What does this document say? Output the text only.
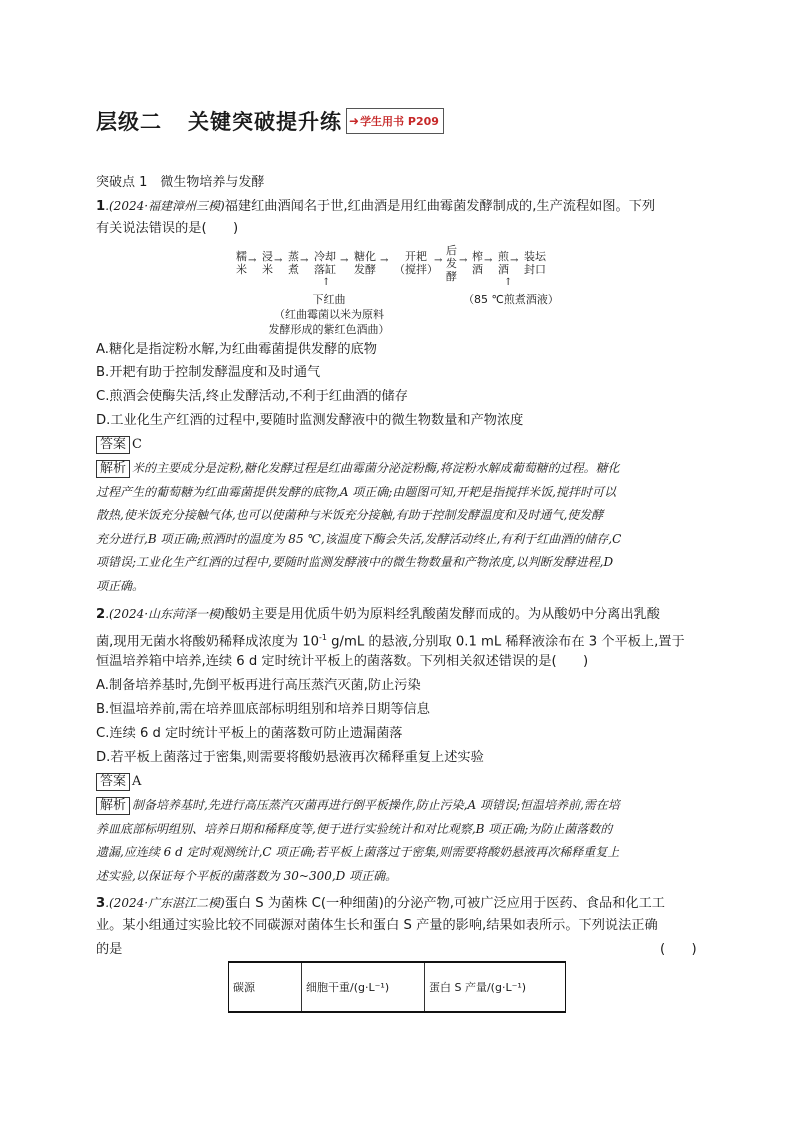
层级二 关键突破提升练 ➜ 学生用书 P209
突破点 1　微生物培养与发酵
1.(2024·福建漳州三模)福建红曲酒闻名于世,红曲酒是用红曲霉菌发酵制成的,生产流程如图。下列
有关说法错误的是(　　)
糯
米
→ 浸
米
→ 蒸
煮
→ 冷却
落缸
→ 糖化
发酵
→	开耙
（搅拌）
→
后
发
酵
→ 榨
酒
→ 煎
酒
→ 装坛
封口
↑
下红曲
（红曲霉菌以米为原料
发酵形成的紫红色酒曲）
↑
（85 ℃煎煮酒液）
A.糖化是指淀粉水解,为红曲霉菌提供发酵的底物
B.开耙有助于控制发酵温度和及时通气
C.煎酒会使酶失活,终止发酵活动,不利于红曲酒的储存
D.工业化生产红酒的过程中,要随时监测发酵液中的微生物数量和产物浓度
答案 C
解析 米的主要成分是淀粉,糖化发酵过程是红曲霉菌分泌淀粉酶,将淀粉水解成葡萄糖的过程。糖化
过程产生的葡萄糖为红曲霉菌提供发酵的底物,A 项正确;由题图可知,开耙是指搅拌米饭,搅拌时可以
散热,使米饭充分接触气体,也可以使菌种与米饭充分接触,有助于控制发酵温度和及时通气,使发酵
充分进行,B 项正确;煎酒时的温度为 85 ℃,该温度下酶会失活,发酵活动终止,有利于红曲酒的储存,C
项错误;工业化生产红酒的过程中,要随时监测发酵液中的微生物数量和产物浓度,以判断发酵进程,D
项正确。
2.(2024·山东菏泽一模)酸奶主要是用优质牛奶为原料经乳酸菌发酵而成的。为从酸奶中分离出乳酸
菌,现用无菌水将酸奶稀释成浓度为 $10^{-1}$ g/mL 的悬液,分别取 0.1 mL 稀释液涂布在 3 个平板上,置于
恒温培养箱中培养,连续 6 d 定时统计平板上的菌落数。下列相关叙述错误的是(　　)
A.制备培养基时,先倒平板再进行高压蒸汽灭菌,防止污染
B.恒温培养前,需在培养皿底部标明组别和培养日期等信息
C.连续 6 d 定时统计平板上的菌落数可防止遗漏菌落
D.若平板上菌落过于密集,则需要将酸奶悬液再次稀释重复上述实验
答案 A
解析 制备培养基时,先进行高压蒸汽灭菌再进行倒平板操作,防止污染,A 项错误;恒温培养前,需在培
养皿底部标明组别、培养日期和稀释度等,便于进行实验统计和对比观察,B 项正确;为防止菌落数的
遗漏,应连续 6 d 定时观测统计,C 项正确;若平板上菌落过于密集,则需要将酸奶悬液再次稀释重复上
述实验,以保证每个平板的菌落数为 30~300,D 项正确。
3.(2024·广东湛江二模)蛋白 S 为菌株 C(一种细菌)的分泌产物,可被广泛应用于医药、食品和化工工
业。某小组通过实验比较不同碳源对菌体生长和蛋白 S 产量的影响,结果如表所示。下列说法正确
的是	(　　)
碳源	细胞干重/(g·L⁻¹)	蛋白 S 产量/(g·L⁻¹)
